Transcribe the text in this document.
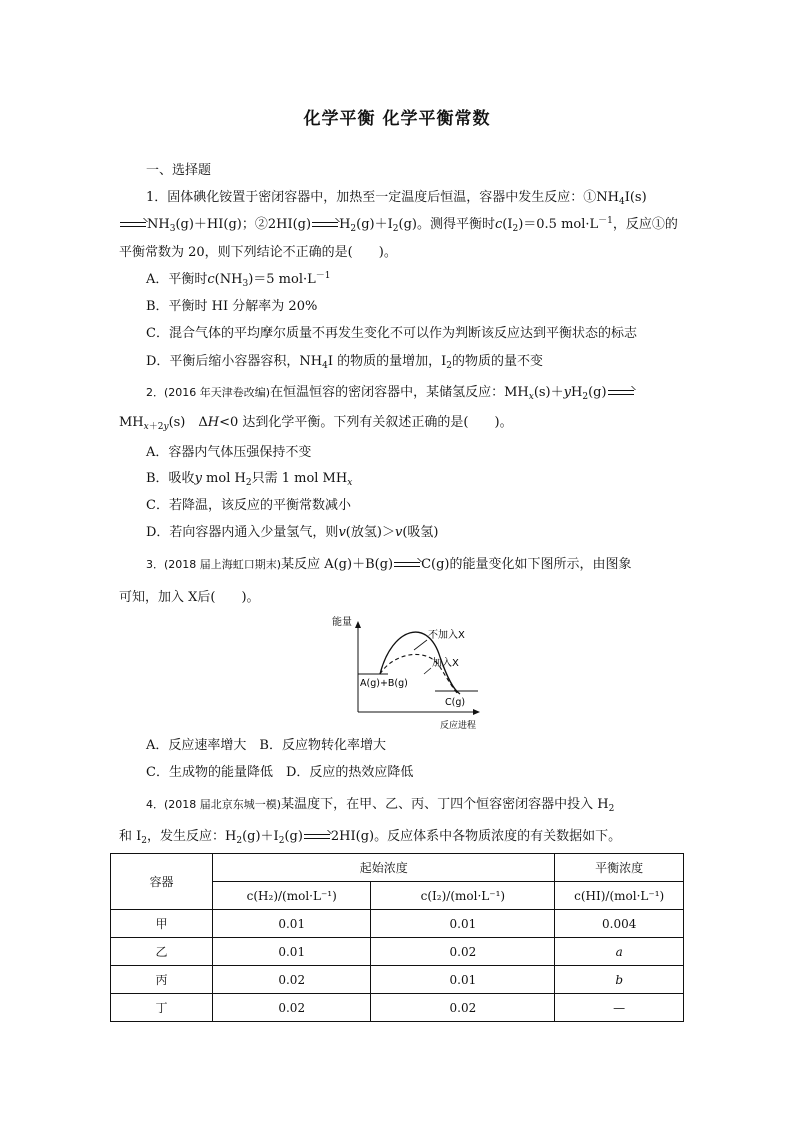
化学平衡 化学平衡常数
一、选择题
1．固体碘化铵置于密闭容器中，加热至一定温度后恒温，容器中发生反应：$①NH_4I(s)$
$NH_3(g)+HI(g)$；②2HI(g) $H_2(g)+I_2(g)$。测得平衡时$c(I_2)=0.5$ $mol\cdot L^{-1}$，反应①的
平衡常数为 20，则下列结论不正确的是(　　)。
A．平衡时$c(NH_3)=5$ $mol\cdot L^{-1}$
B．平衡时 HI 分解率为 20%
C．混合气体的平均摩尔质量不再发生变化不可以作为判断该反应达到平衡状态的标志
D．平衡后缩小容器容积，$NH_4I$ 的物质的量增加，$I_2$的物质的量不变
2．(2016 年天津卷改编)在恒温恒容的密闭容器中，某储氢反应：$MH_x(s)+yH_2(g)$
$MH_{x+2y}(s)$　ΔH<0 达到化学平衡。下列有关叙述正确的是(　　)。
A．容器内气体压强保持不变
B．吸收y mol $H_2$只需 1 mol $MH_x$
C．若降温，该反应的平衡常数减小
D．若向容器内通入少量氢气，则v(放氢)＞v(吸氢)
3．(2018 届上海虹口期末)某反应 A(g)＋B(g) C(g)的能量变化如下图所示，由图象
可知，加入 X后(　　)。
能量
反应进程
不加入X
加入X
A(g)+B(g)
C(g)
A．反应速率增大　B．反应物转化率增大
C．生成物的能量降低　D．反应的热效应降低
4．(2018 届北京东城一模)某温度下，在甲、乙、丙、丁四个恒容密闭容器中投入 $H_2$
和 $I_2$，发生反应：$H_2(g)+I_2(g)$ 2HI(g)。反应体系中各物质浓度的有关数据如下。
容器	起始浓度		平衡浓度
	c(H₂)/(mol·L⁻¹)	c(I₂)/(mol·L⁻¹)	c(HI)/(mol·L⁻¹)
甲	0.01	0.01	0.004
乙	0.01	0.02	a
丙	0.02	0.01	b
丁	0.02	0.02	—
